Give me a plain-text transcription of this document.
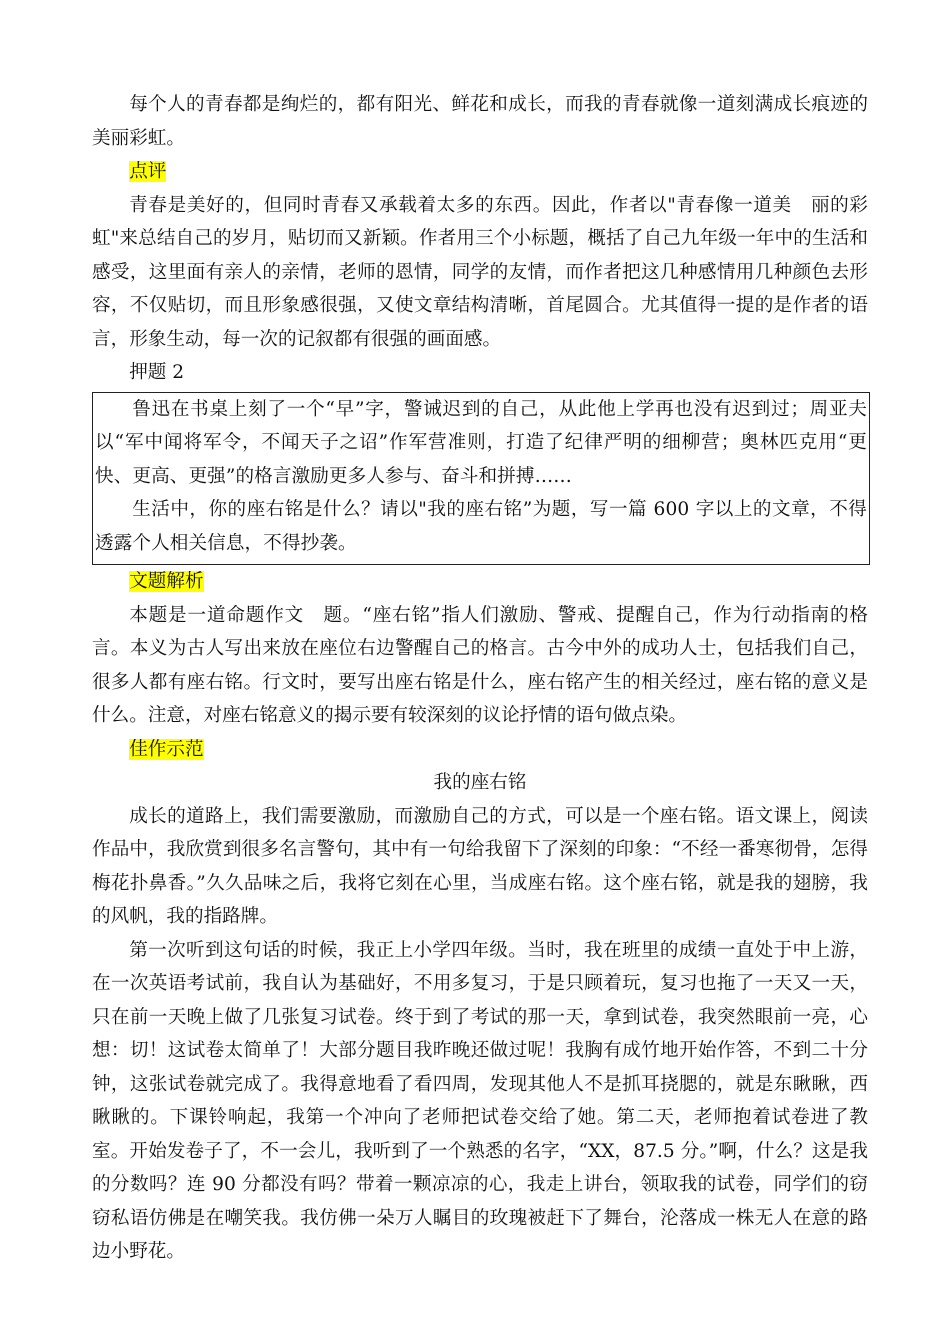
每个人的青春都是绚烂的，都有阳光、鲜花和成长，而我的青春就像一道刻满成长痕迹的美丽彩虹。

点评

青春是美好的，但同时青春又承载着太多的东西。因此，作者以"青春像一道美　丽的彩虹"来总结自己的岁月，贴切而又新颖。作者用三个小标题，概括了自己九年级一年中的生活和感受，这里面有亲人的亲情，老师的恩情，同学的友情，而作者把这几种感情用几种颜色去形容，不仅贴切，而且形象感很强，又使文章结构清晰，首尾圆合。尤其值得一提的是作者的语言，形象生动，每一次的记叙都有很强的画面感。

押题 2

鲁迅在书桌上刻了一个“早”字，警诫迟到的自己，从此他上学再也没有迟到过；周亚夫以“军中闻将军令，不闻天子之诏”作军营准则，打造了纪律严明的细柳营；奥林匹克用“更快、更高、更强”的格言激励更多人参与、奋斗和拼搏……

生活中，你的座右铭是什么？请以"我的座右铭”为题，写一篇 600 字以上的文章，不得透露个人相关信息，不得抄袭。

文题解析

本题是一道命题作文　题。“座右铭”指人们激励、警戒、提醒自己，作为行动指南的格言。本义为古人写出来放在座位右边警醒自己的格言。古今中外的成功人士，包括我们自己，很多人都有座右铭。行文时，要写出座右铭是什么，座右铭产生的相关经过，座右铭的意义是什么。注意，对座右铭意义的揭示要有较深刻的议论抒情的语句做点染。

佳作示范

我的座右铭

成长的道路上，我们需要激励，而激励自己的方式，可以是一个座右铭。语文课上，阅读作品中，我欣赏到很多名言警句，其中有一句给我留下了深刻的印象：“不经一番寒彻骨，怎得梅花扑鼻香。”久久品味之后，我将它刻在心里，当成座右铭。这个座右铭，就是我的翅膀，我的风帆，我的指路牌。

第一次听到这句话的时候，我正上小学四年级。当时，我在班里的成绩一直处于中上游，在一次英语考试前，我自认为基础好，不用多复习，于是只顾着玩，复习也拖了一天又一天，只在前一天晚上做了几张复习试卷。终于到了考试的那一天，拿到试卷，我突然眼前一亮，心想：切！这试卷太简单了！大部分题目我昨晚还做过呢！我胸有成竹地开始作答，不到二十分钟，这张试卷就完成了。我得意地看了看四周，发现其他人不是抓耳挠腮的，就是东瞅瞅，西瞅瞅的。下课铃响起，我第一个冲向了老师把试卷交给了她。第二天，老师抱着试卷进了教室。开始发卷子了，不一会儿，我听到了一个熟悉的名字，“XX，87.5 分。”啊，什么？这是我的分数吗？连 90 分都没有吗？带着一颗凉凉的心，我走上讲台，领取我的试卷，同学们的窃窃私语仿佛是在嘲笑我。我仿佛一朵万人瞩目的玫瑰被赶下了舞台，沦落成一株无人在意的路边小野花。
